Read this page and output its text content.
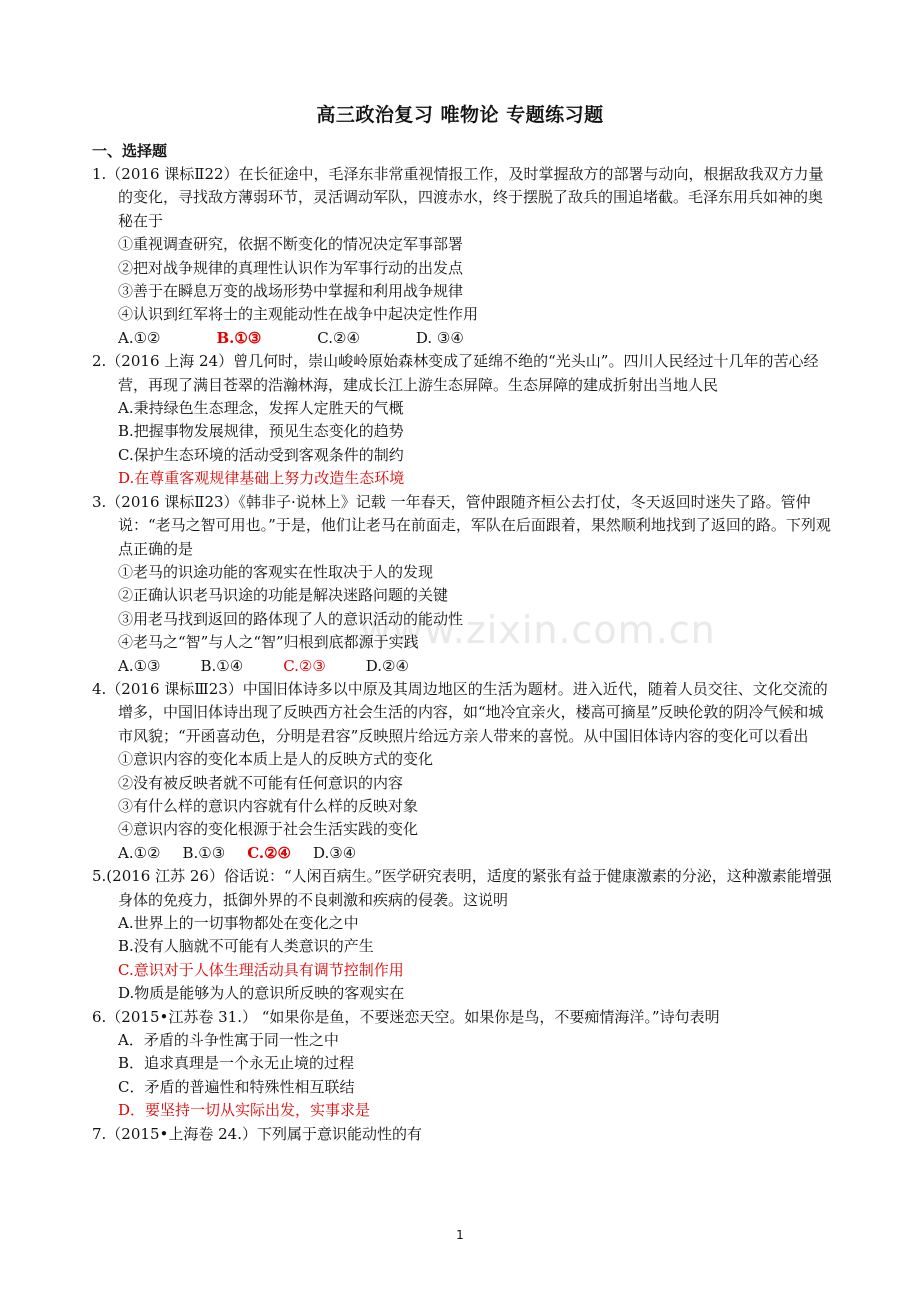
www.zixin.com.cn
高三政治复习 唯物论 专题练习题
一、选择题
1.（2016 课标Ⅱ22）在长征途中，毛泽东非常重视情报工作，及时掌握敌方的部署与动向，根据敌我双方力量的变化，寻找敌方薄弱环节，灵活调动军队，四渡赤水，终于摆脱了敌兵的围追堵截。毛泽东用兵如神的奥秘在于
①重视调查研究，依据不断变化的情况决定军事部署
②把对战争规律的真理性认识作为军事行动的出发点
③善于在瞬息万变的战场形势中掌握和利用战争规律
④认识到红军将士的主观能动性在战争中起决定性作用
A.①②	B.①③	C.②④	D. ③④
2.（2016 上海 24）曾几何时，崇山峻岭原始森林变成了延绵不绝的“光头山”。四川人民经过十几年的苦心经营，再现了满目苍翠的浩瀚林海，建成长江上游生态屏障。生态屏障的建成折射出当地人民
A.秉持绿色生态理念，发挥人定胜天的气概
B.把握事物发展规律，预见生态变化的趋势
C.保护生态环境的活动受到客观条件的制约
D.在尊重客观规律基础上努力改造生态环境
3.（2016 课标Ⅱ23）《韩非子·说林上》记载 一年春天，管仲跟随齐桓公去打仗，冬天返回时迷失了路。管仲说：“老马之智可用也。”于是，他们让老马在前面走，军队在后面跟着，果然顺利地找到了返回的路。下列观点正确的是
①老马的识途功能的客观实在性取决于人的发现
②正确认识老马识途的功能是解决迷路问题的关键
③用老马找到返回的路体现了人的意识活动的能动性
④老马之“智”与人之“智”归根到底都源于实践
A.①③	B.①④	C.②③	D.②④
4.（2016 课标Ⅲ23）中国旧体诗多以中原及其周边地区的生活为题材。进入近代，随着人员交往、文化交流的增多，中国旧体诗出现了反映西方社会生活的内容，如“地冷宜亲火，楼高可摘星”反映伦敦的阴冷气候和城市风貌；“开函喜动色，分明是君容”反映照片给远方亲人带来的喜悦。从中国旧体诗内容的变化可以看出
①意识内容的变化本质上是人的反映方式的变化
②没有被反映者就不可能有任何意识的内容
③有什么样的意识内容就有什么样的反映对象
④意识内容的变化根源于社会生活实践的变化
A.①② B.①③ C.②④ D.③④
5.(2016 江苏 26）俗话说：“人闲百病生。”医学研究表明，适度的紧张有益于健康激素的分泌，这种激素能增强身体的免疫力，抵御外界的不良刺激和疾病的侵袭。这说明
A.世界上的一切事物都处在变化之中
B.没有人脑就不可能有人类意识的产生
C.意识对于人体生理活动具有调节控制作用
D.物质是能够为人的意识所反映的客观实在
6.（2015•江苏卷 31.） “如果你是鱼，不要迷恋天空。如果你是鸟，不要痴情海洋。”诗句表明
A．矛盾的斗争性寓于同一性之中
B．追求真理是一个永无止境的过程
C．矛盾的普遍性和特殊性相互联结
D．要坚持一切从实际出发，实事求是
7.（2015•上海卷 24.）下列属于意识能动性的有
1
